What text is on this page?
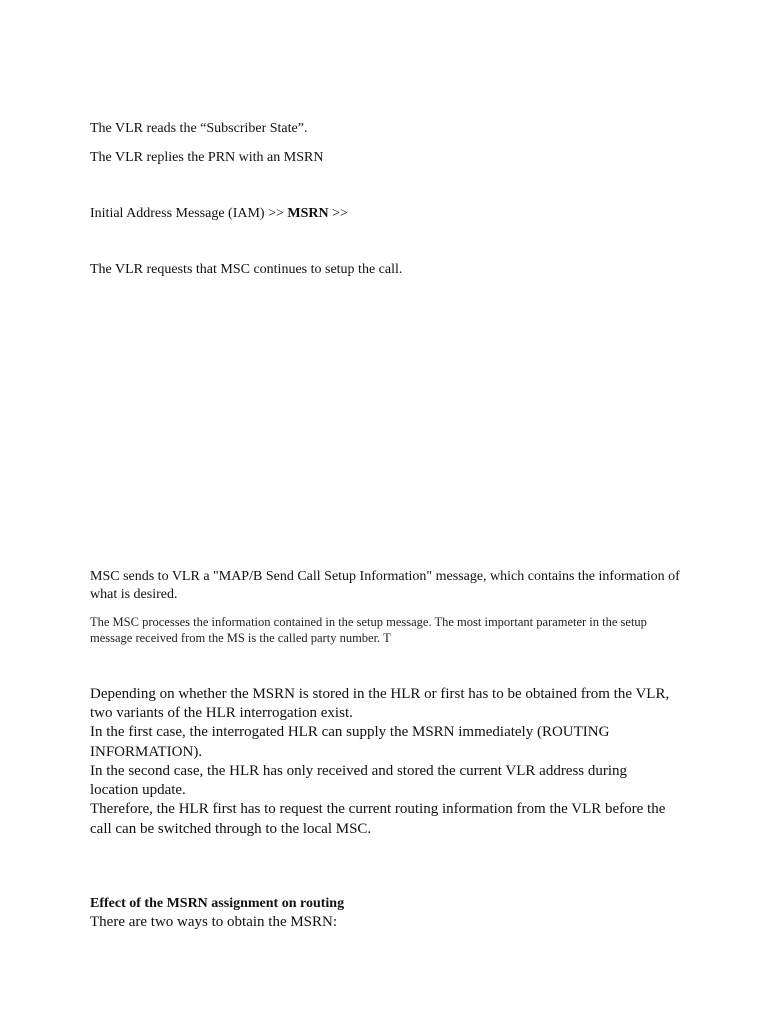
The VLR reads the “Subscriber State”.

The VLR replies the PRN with an MSRN

Initial Address Message (IAM) >> MSRN >>

The VLR requests that MSC continues to setup the call.

MSC sends to VLR a "MAP/B Send Call Setup Information" message, which contains the information of

what is desired.

The MSC processes the information contained in the setup message. The most important parameter in the setup

message received from the MS is the called party number. T

Depending on whether the MSRN is stored in the HLR or first has to be obtained from the VLR,

two variants of the HLR interrogation exist.

In the first case, the interrogated HLR can supply the MSRN immediately (ROUTING

INFORMATION).

In the second case, the HLR has only received and stored the current VLR address during

location update.

Therefore, the HLR first has to request the current routing information from the VLR before the

call can be switched through to the local MSC.

Effect of the MSRN assignment on routing

There are two ways to obtain the MSRN:
